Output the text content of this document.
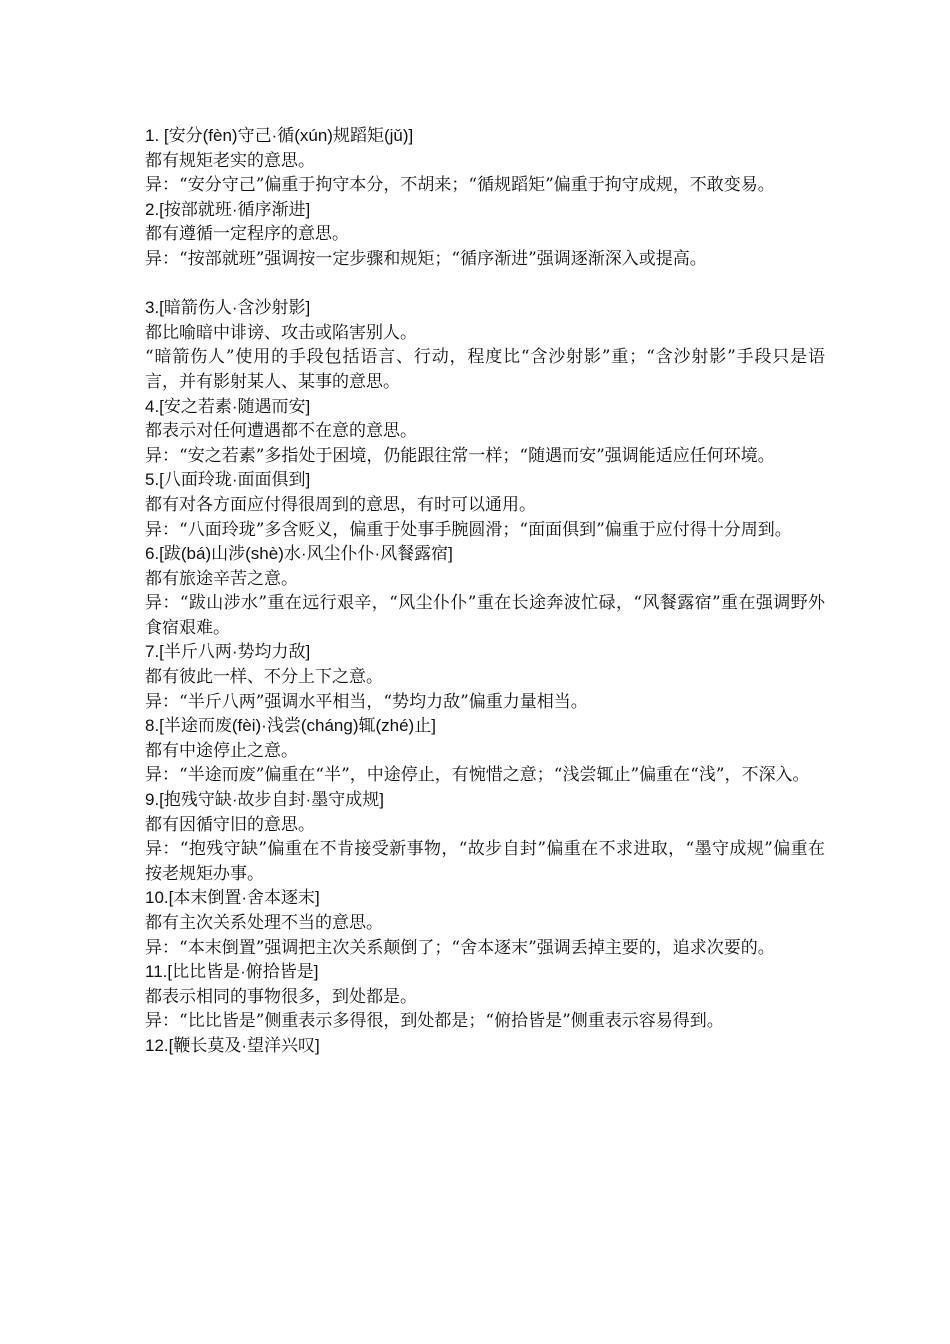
1. [安分(fèn)守己·循(xún)规蹈矩(jǔ)]

都有规矩老实的意思。

异：“安分守己”偏重于拘守本分，不胡来；“循规蹈矩”偏重于拘守成规，不敢变易。

2.[按部就班·循序渐进]

都有遵循一定程序的意思。

异：“按部就班”强调按一定步骤和规矩；“循序渐进”强调逐渐深入或提高。

3.[暗箭伤人·含沙射影]

都比喻暗中诽谤、攻击或陷害别人。

“暗箭伤人”使用的手段包括语言、行动，程度比“含沙射影”重；“含沙射影”手段只是语言，并有影射某人、某事的意思。

4.[安之若素·随遇而安]

都表示对任何遭遇都不在意的意思。

异：“安之若素”多指处于困境，仍能跟往常一样；“随遇而安”强调能适应任何环境。

5.[八面玲珑·面面俱到]

都有对各方面应付得很周到的意思，有时可以通用。

异：“八面玲珑”多含贬义，偏重于处事手腕圆滑；“面面俱到”偏重于应付得十分周到。

6.[跋(bá)山涉(shè)水·风尘仆仆·风餐露宿]

都有旅途辛苦之意。

异：“跋山涉水”重在远行艰辛，“风尘仆仆”重在长途奔波忙碌，“风餐露宿”重在强调野外食宿艰难。

7.[半斤八两·势均力敌]

都有彼此一样、不分上下之意。

异：“半斤八两”强调水平相当，“势均力敌”偏重力量相当。

8.[半途而废(fèi)·浅尝(cháng)辄(zhé)止]

都有中途停止之意。

异：“半途而废”偏重在“半”，中途停止，有惋惜之意；“浅尝辄止”偏重在“浅”，不深入。

9.[抱残守缺·故步自封·墨守成规]

都有因循守旧的意思。

异：“抱残守缺”偏重在不肯接受新事物，“故步自封”偏重在不求进取，“墨守成规”偏重在按老规矩办事。

10.[本末倒置·舍本逐末]

都有主次关系处理不当的意思。

异：“本末倒置”强调把主次关系颠倒了；“舍本逐末”强调丢掉主要的，追求次要的。

11.[比比皆是·俯拾皆是]

都表示相同的事物很多，到处都是。

异：“比比皆是”侧重表示多得很，到处都是；“俯拾皆是”侧重表示容易得到。

12.[鞭长莫及·望洋兴叹]
